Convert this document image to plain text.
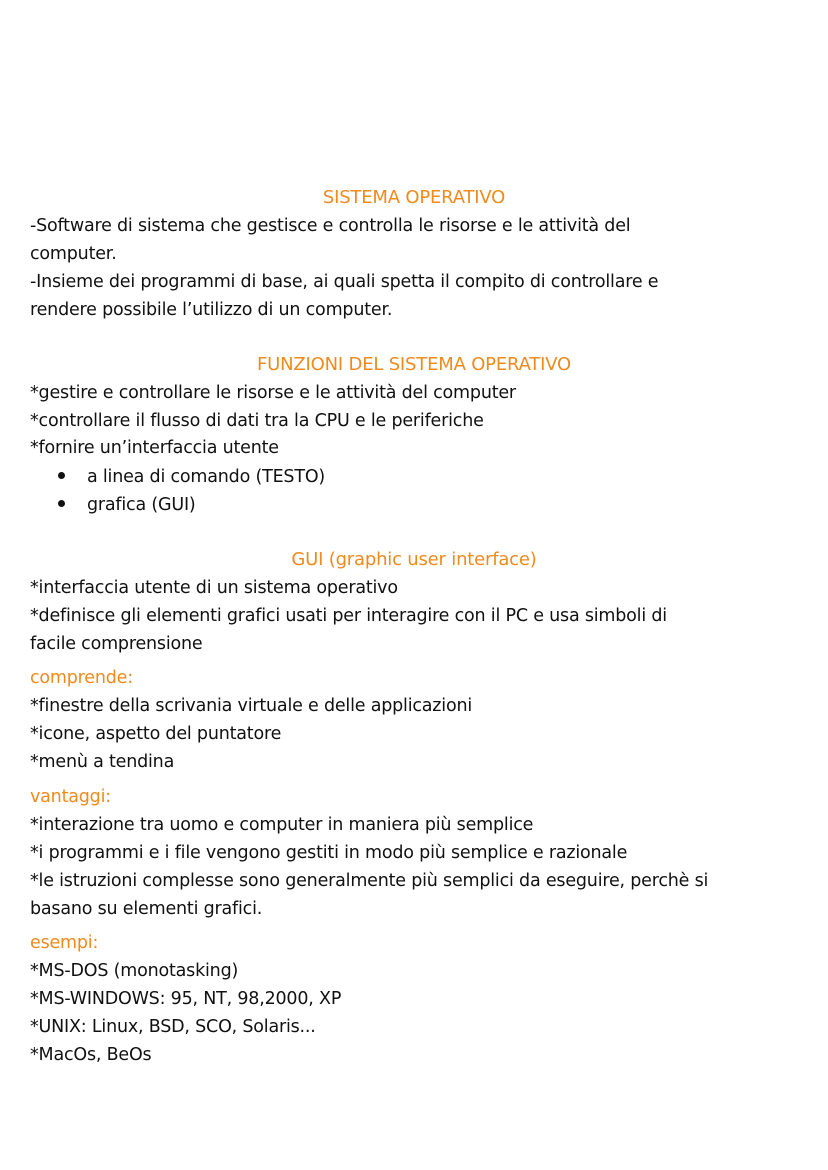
SISTEMA OPERATIVO
-Software di sistema che gestisce e controlla le risorse e le attività del
computer.
-Insieme dei programmi di base, ai quali spetta il compito di controllare e
rendere possibile l’utilizzo di un computer.
FUNZIONI DEL SISTEMA OPERATIVO
*gestire e controllare le risorse e le attività del computer
*controllare il flusso di dati tra la CPU e le periferiche
*fornire un’interfaccia utente
a linea di comando (TESTO)
grafica (GUI)
GUI (graphic user interface)
*interfaccia utente di un sistema operativo
*definisce gli elementi grafici usati per interagire con il PC e usa simboli di
facile comprensione
comprende:
*finestre della scrivania virtuale e delle applicazioni
*icone, aspetto del puntatore
*menù a tendina
vantaggi:
*interazione tra uomo e computer in maniera più semplice
*i programmi e i file vengono gestiti in modo più semplice e razionale
*le istruzioni complesse sono generalmente più semplici da eseguire, perchè si
basano su elementi grafici.
esempi:
*MS-DOS (monotasking)
*MS-WINDOWS: 95, NT, 98,2000, XP
*UNIX: Linux, BSD, SCO, Solaris...
*MacOs, BeOs
